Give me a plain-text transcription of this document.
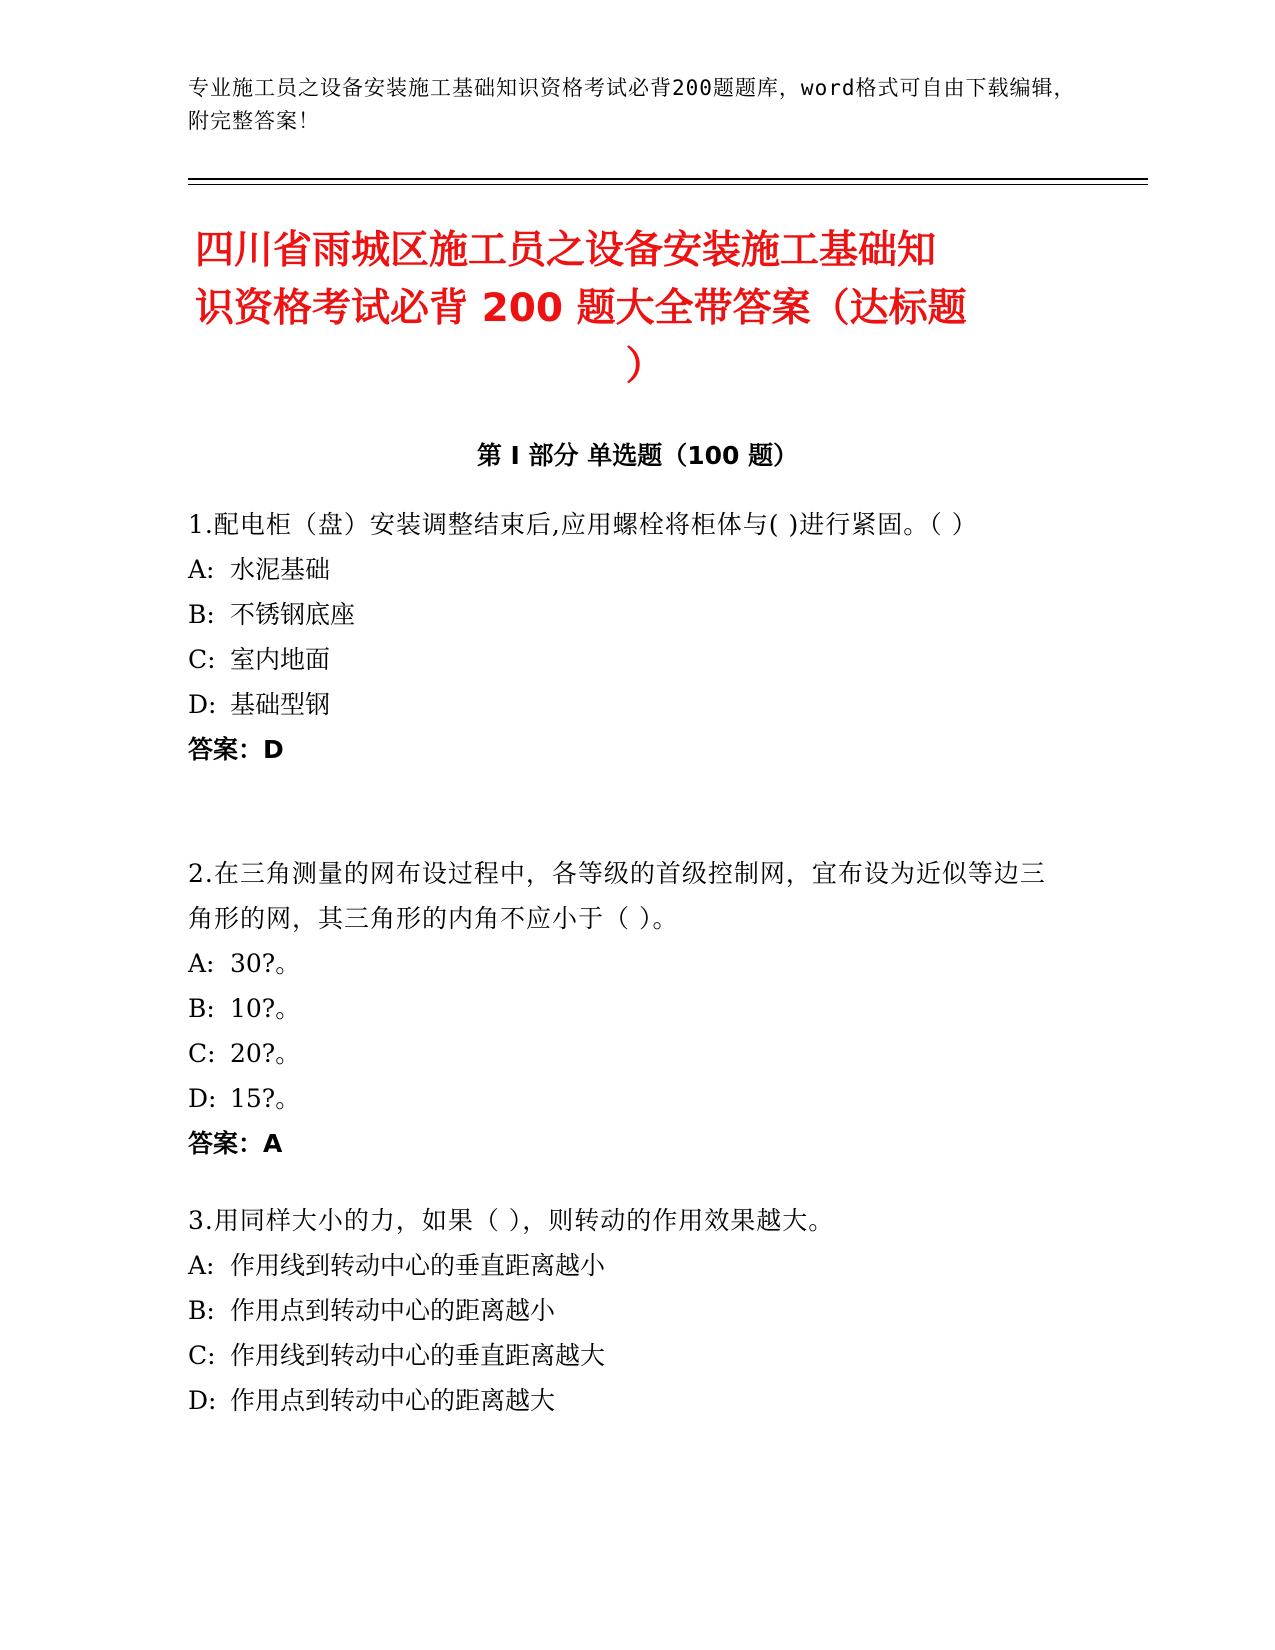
专业施工员之设备安装施工基础知识资格考试必背200题题库，word格式可自由下载编辑，附完整答案！
四川省雨城区施工员之设备安装施工基础知
识资格考试必背 200 题大全带答案（达标题
）
第 I 部分 单选题（100 题）
1.配电柜（盘）安装调整结束后,应用螺栓将柜体与( )进行紧固。（ ）
A: 水泥基础
B: 不锈钢底座
C: 室内地面
D: 基础型钢
答案：D
2.在三角测量的网布设过程中，各等级的首级控制网，宜布设为近似等边三角形的网，其三角形的内角不应小于（ ）。
A: 30?。
B: 10?。
C: 20?。
D: 15?。
答案：A
3.用同样大小的力，如果（ ），则转动的作用效果越大。
A: 作用线到转动中心的垂直距离越小
B: 作用点到转动中心的距离越小
C: 作用线到转动中心的垂直距离越大
D: 作用点到转动中心的距离越大
